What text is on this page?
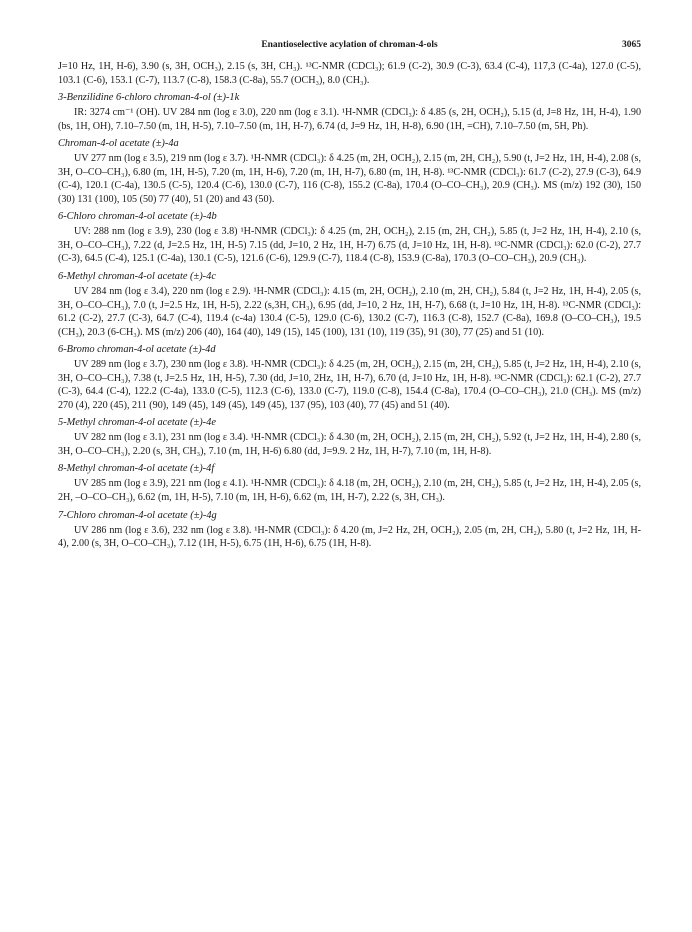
Enantioselective acylation of chroman-4-ols	3065

J=10 Hz, 1H, H-6), 3.90 (s, 3H, OCH₃), 2.15 (s, 3H, CH₃). ¹³C-NMR (CDCl₃); 61.9 (C-2), 30.9 (C-3), 63.4 (C-4), 117,3 (C-4a), 127.0 (C-5), 103.1 (C-6), 153.1 (C-7), 113.7 (C-8), 158.3 (C-8a), 55.7 (OCH₃), 8.0 (CH₃).

3-Benzilidine 6-chloro chroman-4-ol (±)-1k

IR: 3274 cm⁻¹ (OH). UV 284 nm (log ε 3.0), 220 nm (log ε 3.1). ¹H-NMR (CDCl₃): δ 4.85 (s, 2H, OCH₂), 5.15 (d, J=8 Hz, 1H, H-4), 1.90 (bs, 1H, OH), 7.10–7.50 (m, 1H, H-5), 7.10–7.50 (m, 1H, H-7), 6.74 (d, J=9 Hz, 1H, H-8), 6.90 (1H, =CH), 7.10–7.50 (m, 5H, Ph).

Chroman-4-ol acetate (±)-4a

UV 277 nm (log ε 3.5), 219 nm (log ε 3.7). ¹H-NMR (CDCl₃): δ 4.25 (m, 2H, OCH₂), 2.15 (m, 2H, CH₂), 5.90 (t, J=2 Hz, 1H, H-4), 2.08 (s, 3H, O–CO–CH₃), 6.80 (m, 1H, H-5), 7.20 (m, 1H, H-6), 7.20 (m, 1H, H-7), 6.80 (m, 1H, H-8). ¹³C-NMR (CDCl₃): 61.7 (C-2), 27.9 (C-3), 64.9 (C-4), 120.1 (C-4a), 130.5 (C-5), 120.4 (C-6), 130.0 (C-7), 116 (C-8), 155.2 (C-8a), 170.4 (O–CO–CH₃), 20.9 (CH₃). MS (m/z) 192 (30), 150 (30) 131 (100), 105 (50) 77 (40), 51 (20) and 43 (50).

6-Chloro chroman-4-ol acetate (±)-4b

UV: 288 nm (log ε 3.9), 230 (log ε 3.8) ¹H-NMR (CDCl₃): δ 4.25 (m, 2H, OCH₂), 2.15 (m, 2H, CH₂), 5.85 (t, J=2 Hz, 1H, H-4), 2.10 (s, 3H, O–CO–CH₃), 7.22 (d, J=2.5 Hz, 1H, H-5) 7.15 (dd, J=10, 2 Hz, 1H, H-7) 6.75 (d, J=10 Hz, 1H, H-8). ¹³C-NMR (CDCl₃): 62.0 (C-2), 27.7 (C-3), 64.5 (C-4), 125.1 (C-4a), 130.1 (C-5), 121.6 (C-6), 129.9 (C-7), 118.4 (C-8), 153.9 (C-8a), 170.3 (O–CO–CH₃), 20.9 (CH₃).

6-Methyl chroman-4-ol acetate (±)-4c

UV 284 nm (log ε 3.4), 220 nm (log ε 2.9). ¹H-NMR (CDCl₃): 4.15 (m, 2H, OCH₂), 2.10 (m, 2H, CH₂), 5.84 (t, J=2 Hz, 1H, H-4), 2.05 (s, 3H, O–CO–CH₃), 7.0 (t, J=2.5 Hz, 1H, H-5), 2.22 (s,3H, CH₃), 6.95 (dd, J=10, 2 Hz, 1H, H-7), 6.68 (t, J=10 Hz, 1H, H-8). ¹³C-NMR (CDCl₃): 61.2 (C-2), 27.7 (C-3), 64.7 (C-4), 119.4 (c-4a) 130.4 (C-5), 129.0 (C-6), 130.2 (C-7), 116.3 (C-8), 152.7 (C-8a), 169.8 (O–CO–CH₃), 19.5 (CH₃), 20.3 (6-CH₃). MS (m/z) 206 (40), 164 (40), 149 (15), 145 (100), 131 (10), 119 (35), 91 (30), 77 (25) and 51 (10).

6-Bromo chroman-4-ol acetate (±)-4d

UV 289 nm (log ε 3.7), 230 nm (log ε 3.8). ¹H-NMR (CDCl₃): δ 4.25 (m, 2H, OCH₂), 2.15 (m, 2H, CH₂), 5.85 (t, J=2 Hz, 1H, H-4), 2.10 (s, 3H, O–CO–CH₃), 7.38 (t, J=2.5 Hz, 1H, H-5), 7.30 (dd, J=10, 2Hz, 1H, H-7), 6.70 (d, J=10 Hz, 1H, H-8). ¹³C-NMR (CDCl₃): 62.1 (C-2), 27.7 (C-3), 64.4 (C-4), 122.2 (C-4a), 133.0 (C-5), 112.3 (C-6), 133.0 (C-7), 119.0 (C-8), 154.4 (C-8a), 170.4 (O–CO–CH₃), 21.0 (CH₃). MS (m/z) 270 (4), 220 (45), 211 (90), 149 (45), 149 (45), 149 (45), 137 (95), 103 (40), 77 (45) and 51 (40).

5-Methyl chroman-4-ol acetate (±)-4e

UV 282 nm (log ε 3.1), 231 nm (log ε 3.4). ¹H-NMR (CDCl₃): δ 4.30 (m, 2H, OCH₂), 2.15 (m, 2H, CH₂), 5.92 (t, J=2 Hz, 1H, H-4), 2.80 (s, 3H, O–CO–CH₃), 2.20 (s, 3H, CH₃), 7.10 (m, 1H, H-6) 6.80 (dd, J=9.9. 2 Hz, 1H, H-7), 7.10 (m, 1H, H-8).

8-Methyl chroman-4-ol acetate (±)-4f

UV 285 nm (log ε 3.9), 221 nm (log ε 4.1). ¹H-NMR (CDCl₃): δ 4.18 (m, 2H, OCH₂), 2.10 (m, 2H, CH₂), 5.85 (t, J=2 Hz, 1H, H-4), 2.05 (s, 2H, –O–CO–CH₃), 6.62 (m, 1H, H-5), 7.10 (m, 1H, H-6), 6.62 (m, 1H, H-7), 2.22 (s, 3H, CH₃).

7-Chloro chroman-4-ol acetate (±)-4g

UV 286 nm (log ε 3.6), 232 nm (log ε 3.8). ¹H-NMR (CDCl₃): δ 4.20 (m, J=2 Hz, 2H, OCH₂), 2.05 (m, 2H, CH₂), 5.80 (t, J=2 Hz, 1H, H-4), 2.00 (s, 3H, O–CO–CH₃), 7.12 (1H, H-5), 6.75 (1H, H-6), 6.75 (1H, H-8).
